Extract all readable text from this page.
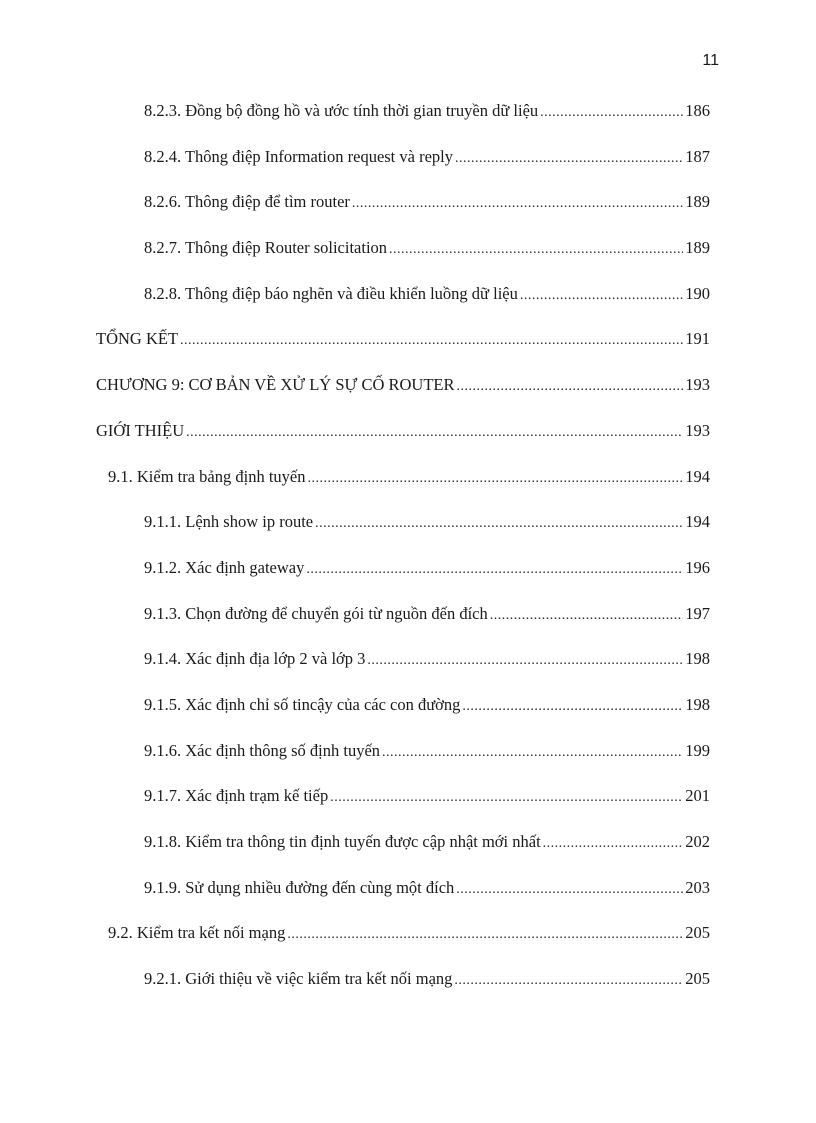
11
8.2.3. Đồng bộ đồng hồ và ước tính thời gian truyền dữ liệu .....	186
8.2.4. Thông điệp Information request và reply .....	187
8.2.6. Thông điệp để tìm router .....	189
8.2.7. Thông điệp Router solicitation .....	189
8.2.8. Thông điệp báo nghẽn và điều khiển luồng dữ liệu .....	190
TỔNG KẾT .....	191
CHƯƠNG 9: CƠ BẢN VỀ XỬ LÝ SỰ CỐ ROUTER .....	193
GIỚI THIỆU .....	193
9.1. Kiểm tra bảng định tuyến .....	194
9.1.1. Lệnh show ip route .....	194
9.1.2. Xác định gateway .....	196
9.1.3. Chọn đường để chuyển gói từ nguồn đến đích .....	197
9.1.4. Xác định địa lớp 2 và lớp 3 .....	198
9.1.5. Xác định chỉ số tincậy của các con đường .....	198
9.1.6. Xác định thông số định tuyến .....	199
9.1.7. Xác định trạm kế tiếp .....	201
9.1.8. Kiểm tra thông tin định tuyến được cập nhật mới nhất .....	202
9.1.9. Sử dụng nhiều đường đến cùng một đích .....	203
9.2. Kiểm tra kết nối mạng .....	205
9.2.1. Giới thiệu về việc kiểm tra kết nối mạng .....	205
